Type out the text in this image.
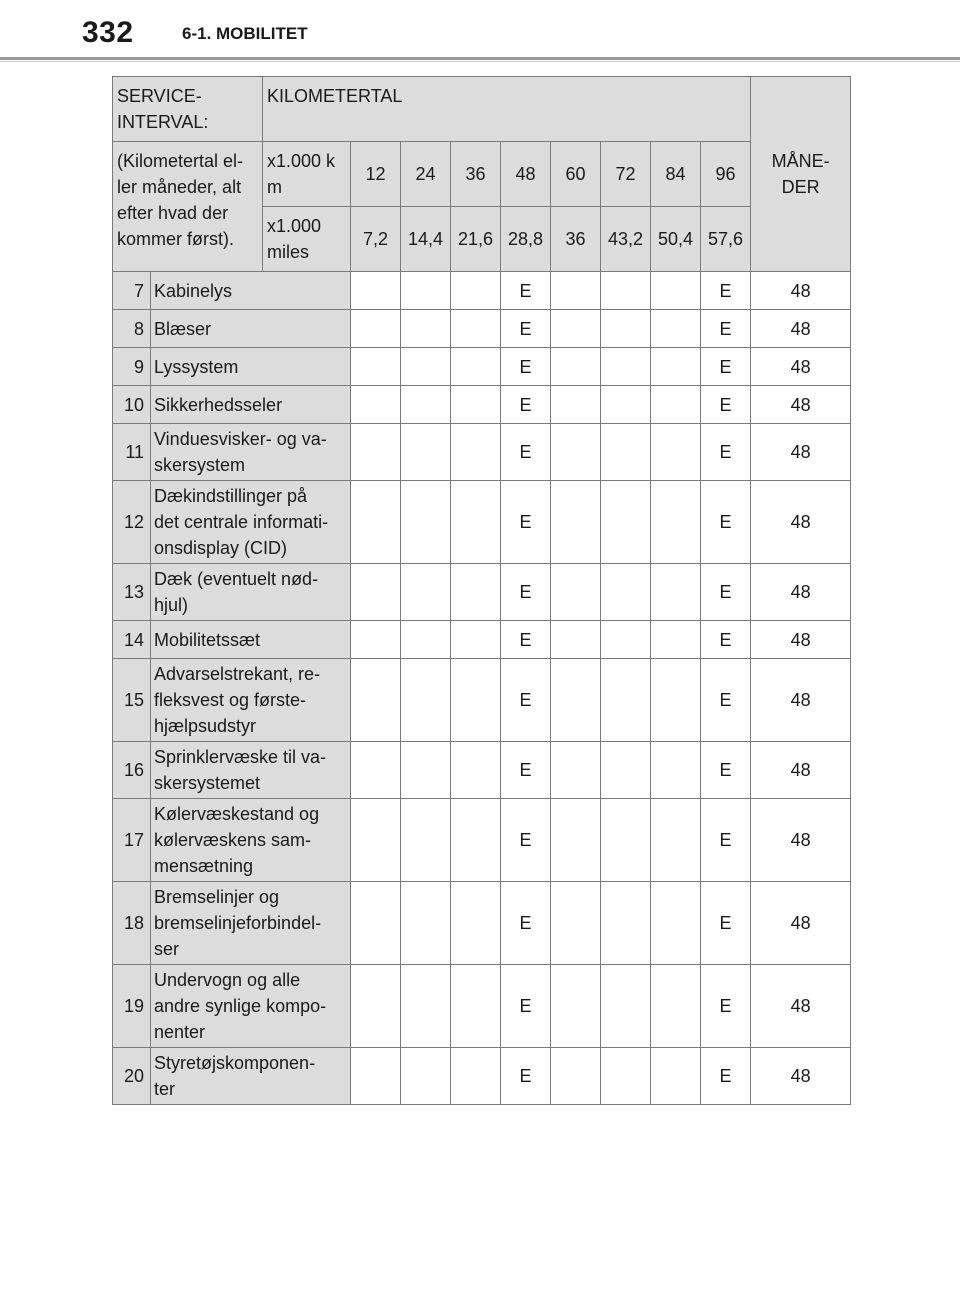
332	6-1. MOBILITET
SERVICE-
INTERVAL:		KILOMETERTAL									MÅNE-
DER
(Kilometertal el-
ler måneder, alt
efter hvad der
kommer først).		x1.000 k
m	12	24	36	48	60	72	84	96	
		x1.000
miles	7,2	14,4	21,6	28,8	36	43,2	50,4	57,6	
7	Kabinelys					E				E	48
8	Blæser					E				E	48
9	Lyssystem					E				E	48
10	Sikkerhedsseler					E				E	48
11	Vinduesvisker- og va-
skersystem					E				E	48
12	Dækindstillinger på
det centrale informati-
onsdisplay (CID)					E				E	48
13	Dæk (eventuelt nød-
hjul)					E				E	48
14	Mobilitetssæt					E				E	48
15	Advarselstrekant, re-
fleksvest og første-
hjælpsudstyr					E				E	48
16	Sprinklervæske til va-
skersystemet					E				E	48
17	Kølervæskestand og
kølervæskens sam-
mensætning					E				E	48
18	Bremselinjer og
bremselinjeforbindel-
ser					E				E	48
19	Undervogn og alle
andre synlige kompo-
nenter					E				E	48
20	Styretøjskomponen-
ter					E				E	48
